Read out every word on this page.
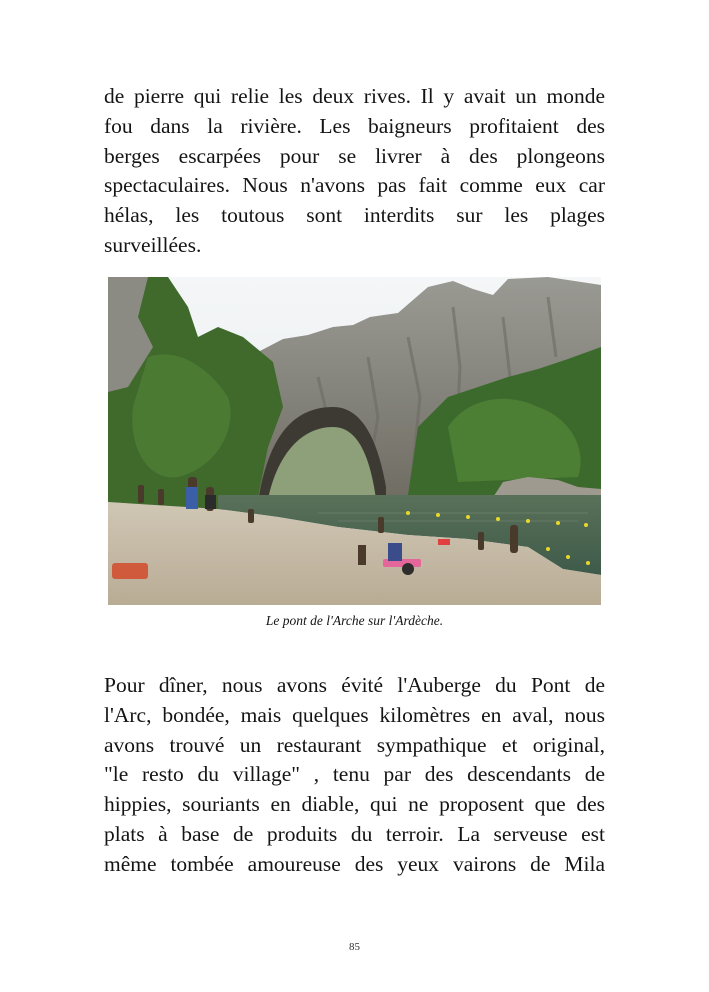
de pierre qui relie les deux rives. Il y avait un monde
fou dans la rivière. Les baigneurs profitaient des
berges escarpées pour se livrer à des plongeons
spectaculaires. Nous n'avons pas fait comme eux car
hélas, les toutous sont interdits sur les plages
surveillées.
Le pont de l'Arche sur l'Ardèche.
Pour dîner, nous avons évité l'Auberge du Pont de
l'Arc, bondée, mais quelques kilomètres en aval, nous
avons trouvé un restaurant sympathique et original,
"le resto du village" , tenu par des descendants de
hippies, souriants en diable, qui ne proposent que des
plats à base de produits du terroir. La serveuse est
même tombée amoureuse des yeux vairons de Mila
85
